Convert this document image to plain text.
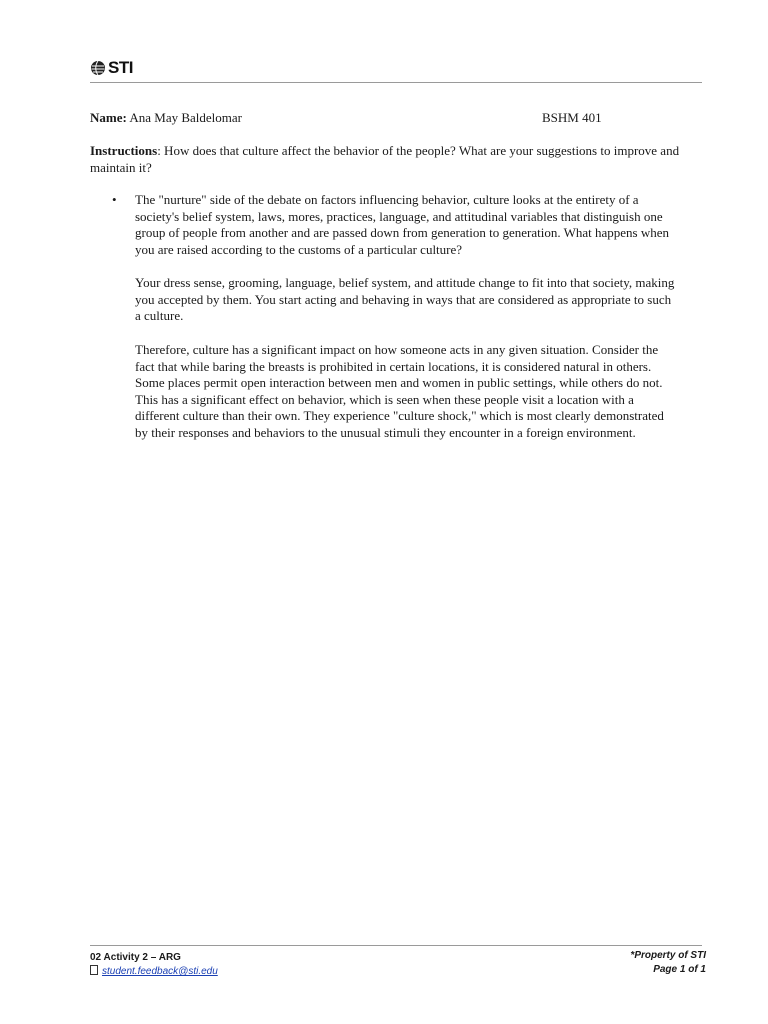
STI
Name: Ana May Baldelomar	BSHM 401
Instructions: How does that culture affect the behavior of the people? What are your suggestions to improve and maintain it?
• The "nurture" side of the debate on factors influencing behavior, culture looks at the entirety of a society's belief system, laws, mores, practices, language, and attitudinal variables that distinguish one group of people from another and are passed down from generation to generation. What happens when you are raised according to the customs of a particular culture?
Your dress sense, grooming, language, belief system, and attitude change to fit into that society, making you accepted by them. You start acting and behaving in ways that are considered as appropriate to such a culture.
Therefore, culture has a significant impact on how someone acts in any given situation. Consider the fact that while baring the breasts is prohibited in certain locations, it is considered natural in others. Some places permit open interaction between men and women in public settings, while others do not. This has a significant effect on behavior, which is seen when these people visit a location with a different culture than their own. They experience "culture shock," which is most clearly demonstrated by their responses and behaviors to the unusual stimuli they encounter in a foreign environment.
02 Activity 2 – ARG
student.feedback@sti.edu
*Property of STI
Page 1 of 1
